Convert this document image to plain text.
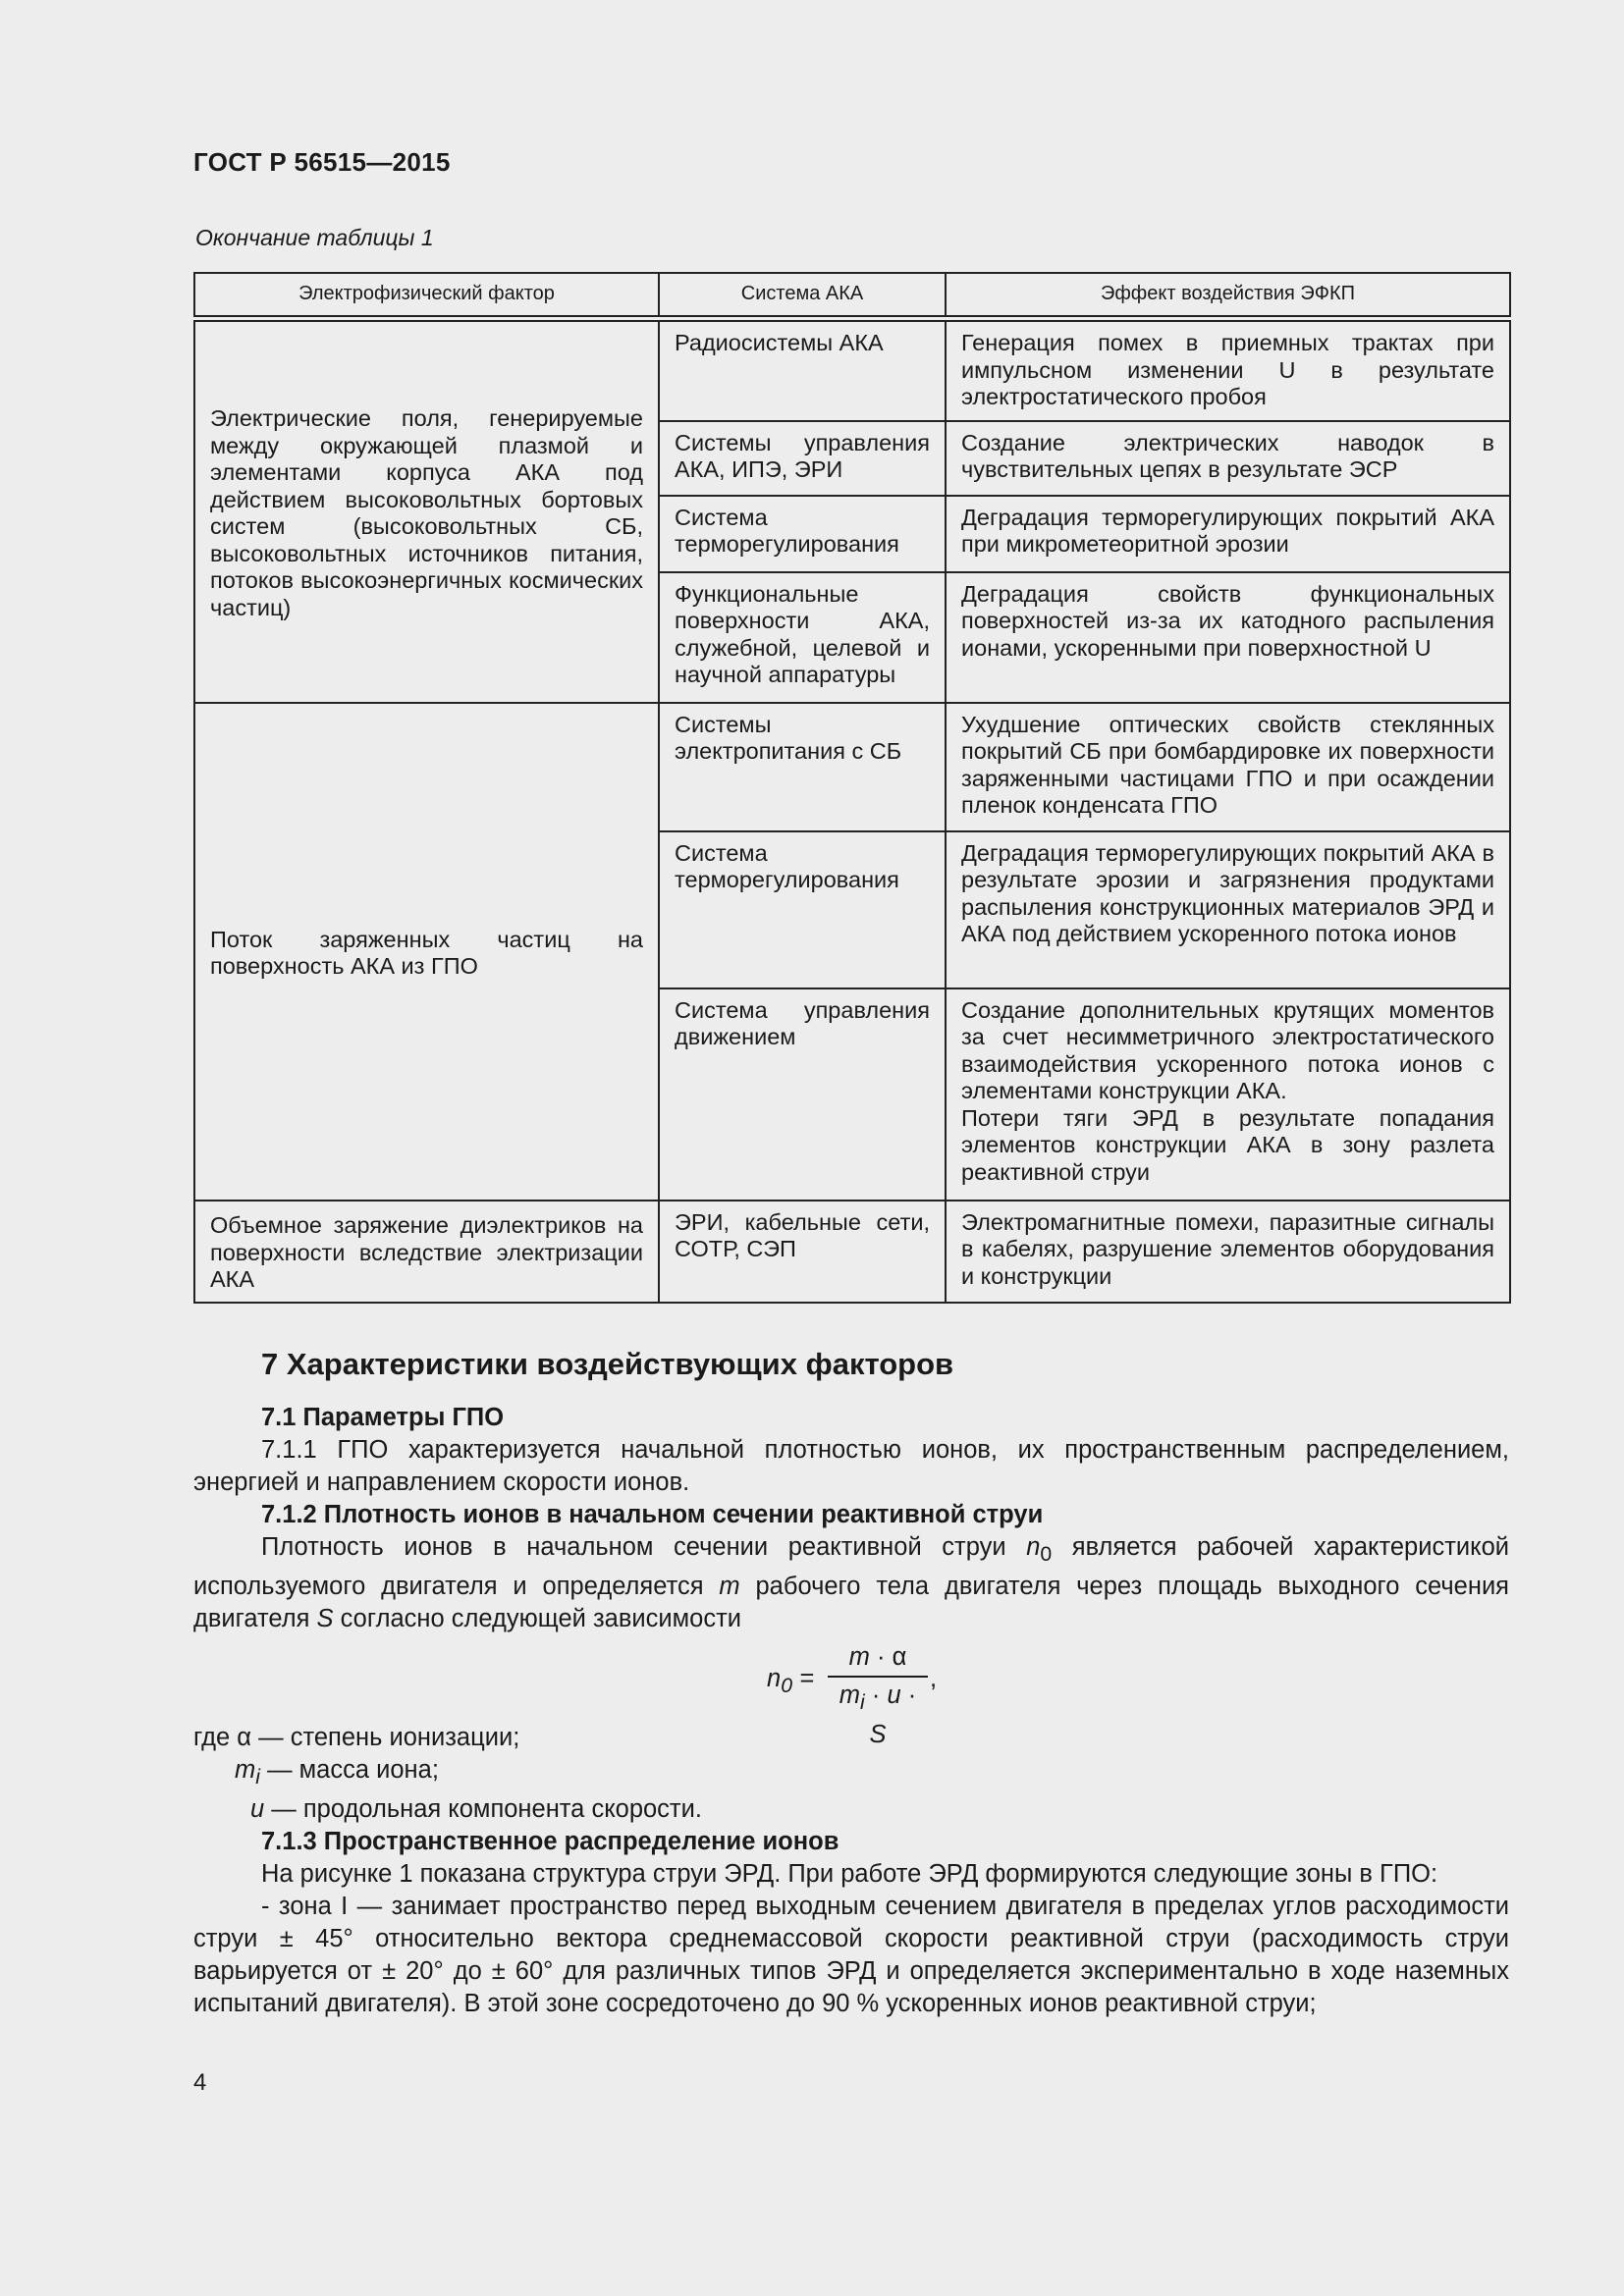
ГОСТ Р 56515—2015
Окончание таблицы 1
Электрофизический фактор	Система АКА	Эффект воздействия ЭФКП
Электрические поля, генерируемые между окружающей плазмой и элементами корпуса АКА под действием высоковольтных бортовых систем (высоковольтных СБ, высоковольтных источников питания, потоков высокоэнергичных космических частиц)	Радиосистемы АКА	Генерация помех в приемных трактах при импульсном изменении U в результате электростатического пробоя
	Системы управления АКА, ИПЭ, ЭРИ	Создание электрических наводок в чувствительных цепях в результате ЭСР
	Система терморегулирования	Деградация терморегулирующих покрытий АКА при микрометеоритной эрозии
	Функциональные поверхности АКА, служебной, целевой и научной аппаратуры	Деградация свойств функциональных поверхностей из-за их катодного распыления ионами, ускоренными при поверхностной U
Поток заряженных частиц на поверхность АКА из ГПО	Системы электропитания с СБ	Ухудшение оптических свойств стеклянных покрытий СБ при бомбардировке их поверхности заряженными частицами ГПО и при осаждении пленок конденсата ГПО
	Система терморегулирования	Деградация терморегулирующих покрытий АКА в результате эрозии и загрязнения продуктами распыления конструкционных материалов ЭРД и АКА под действием ускоренного потока ионов
	Система управления движением	Создание дополнительных крутящих моментов за счет несимметричного электростатического взаимодействия ускоренного потока ионов с элементами конструкции АКА.
Потери тяги ЭРД в результате попадания элементов конструкции АКА в зону разлета реактивной струи
Объемное заряжение диэлектриков на поверхности вследствие электризации АКА	ЭРИ, кабельные сети, СОТР, СЭП	Электромагнитные помехи, паразитные сигналы в кабелях, разрушение элементов оборудования и конструкции
7 Характеристики воздействующих факторов

7.1 Параметры ГПО

7.1.1 ГПО характеризуется начальной плотностью ионов, их пространственным распределением, энергией и направлением скорости ионов.

7.1.2 Плотность ионов в начальном сечении реактивной струи

Плотность ионов в начальном сечении реактивной струи $n_0$ является рабочей характеристикой используемого двигателя и определяется m рабочего тела двигателя через площадь выходного сечения двигателя S согласно следующей зависимости

$n_0 = \frac{m \cdot \alpha}{m_i \cdot u \cdot S}$ ,

где α — степень ионизации;

$m_i$ — масса иона;

u — продольная компонента скорости.

7.1.3 Пространственное распределение ионов

На рисунке 1 показана структура струи ЭРД. При работе ЭРД формируются следующие зоны в ГПО:

- зона I — занимает пространство перед выходным сечением двигателя в пределах углов расходимости струи ± 45° относительно вектора среднемассовой скорости реактивной струи (расходимость струи варьируется от ± 20° до ± 60° для различных типов ЭРД и определяется экспериментально в ходе наземных испытаний двигателя). В этой зоне сосредоточено до 90 % ускоренных ионов реактивной струи;

4
